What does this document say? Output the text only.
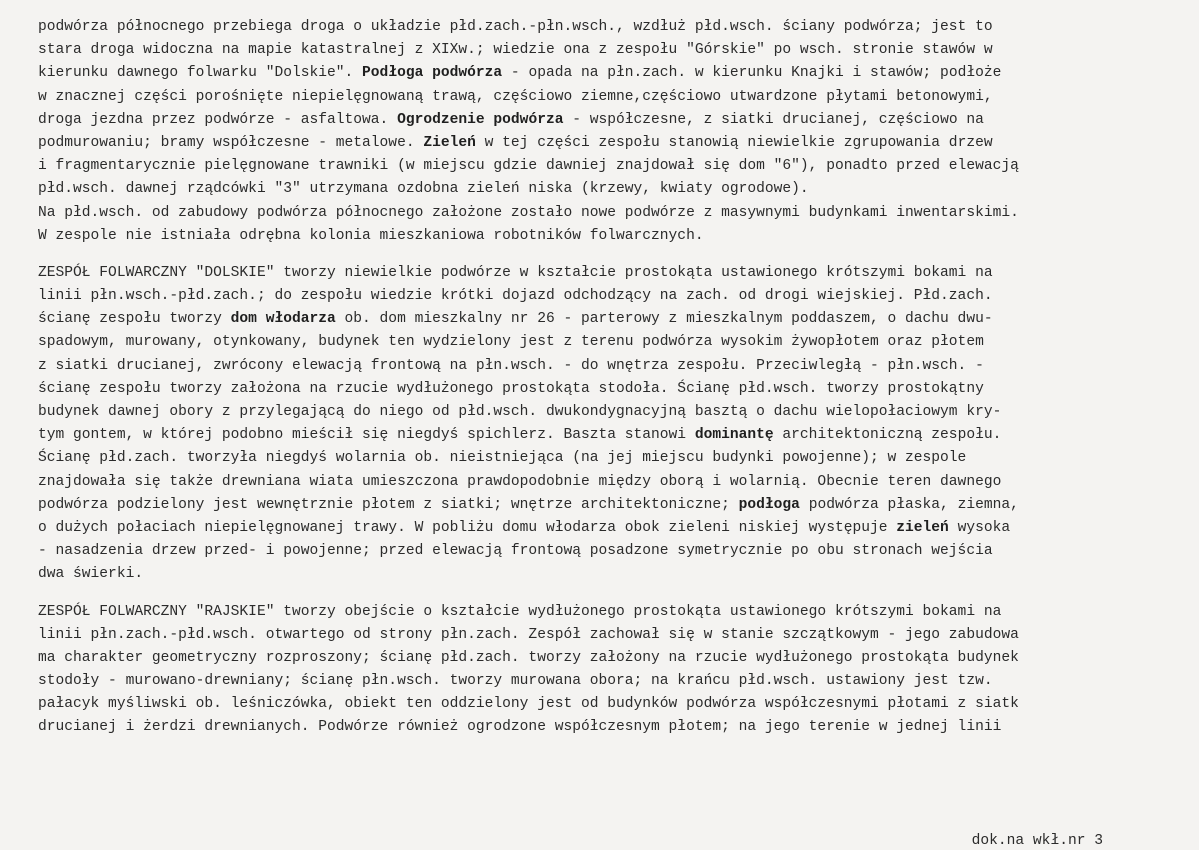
podwórza północnego przebiega droga o układzie płd.zach.-płn.wsch., wzdłuż płd.wsch. ściany podwórza; jest to
stara droga widoczna na mapie katastralnej z XIXw.; wiedzie ona z zespołu "Górskie" po wsch. stronie stawów w
kierunku dawnego folwarku "Dolskie". Podłoga podwórza - opada na płn.zach. w kierunku Knajki i stawów; podłoże
w znacznej części porośnięte niepielęgnowaną trawą, częściowo ziemne,częściowo utwardzone płytami betonowymi,
droga jezdna przez podwórze - asfaltowa. Ogrodzenie podwórza - współczesne, z siatki drucianej, częściowo na
podmurowaniu; bramy współczesne - metalowe. Zieleń w tej części zespołu stanowią niewielkie zgrupowania drzew
i fragmentarycznie pielęgnowane trawniki (w miejscu gdzie dawniej znajdował się dom "6"), ponadto przed elewacją
płd.wsch. dawnej rządcówki "3" utrzymana ozdobna zieleń niska (krzewy, kwiaty ogrodowe).
Na płd.wsch. od zabudowy podwórza północnego założone zostało nowe podwórze z masywnymi budynkami inwentarskimi.
W zespole nie istniała odrębna kolonia mieszkaniowa robotników folwarcznych.
ZESPÓŁ FOLWARCZNY "DOLSKIE" tworzy niewielkie podwórze w kształcie prostokąta ustawionego krótszymi bokami na
linii płn.wsch.-płd.zach.; do zespołu wiedzie krótki dojazd odchodzący na zach. od drogi wiejskiej. Płd.zach.
ścianę zespołu tworzy dom włodarza ob. dom mieszkalny nr 26 - parterowy z mieszkalnym poddaszem, o dachu dwu-
spadowym, murowany, otynkowany, budynek ten wydzielony jest z terenu podwórza wysokim żywopłotem oraz płotem
z siatki drucianej, zwrócony elewacją frontową na płn.wsch. - do wnętrza zespołu. Przeciwległą - płn.wsch. -
ścianę zespołu tworzy założona na rzucie wydłużonego prostokąta stodoła. Ścianę płd.wsch. tworzy prostokątny
budynek dawnej obory z przylegającą do niego od płd.wsch. dwukondygnacyjną basztą o dachu wielopołaciowym kry-
tym gontem, w której podobno mieścił się niegdyś spichlerz. Baszta stanowi dominantę architektoniczną zespołu.
Ścianę płd.zach. tworzyła niegdyś wolarnia ob. nieistniejąca (na jej miejscu budynki powojenne); w zespole
znajdowała się także drewniana wiata umieszczona prawdopodobnie między oborą i wolarnią. Obecnie teren dawnego
podwórza podzielony jest wewnętrznie płotem z siatki; wnętrze architektoniczne; podłoga podwórza płaska, ziemna,
o dużych połaciach niepielęgnowanej trawy. W pobliżu domu włodarza obok zieleni niskiej występuje zieleń wysoka
- nasadzenia drzew przed- i powojenne; przed elewacją frontową posadzone symetrycznie po obu stronach wejścia
dwa świerki.
ZESPÓŁ FOLWARCZNY "RAJSKIE" tworzy obejście o kształcie wydłużonego prostokąta ustawionego krótszymi bokami na
linii płn.zach.-płd.wsch. otwartego od strony płn.zach. Zespół zachował się w stanie szczątkowym - jego zabudowa
ma charakter geometryczny rozproszony; ścianę płd.zach. tworzy założony na rzucie wydłużonego prostokąta budynek
stodoły - murowano-drewniany; ścianę płn.wsch. tworzy murowana obora; na krańcu płd.wsch. ustawiony jest tzw.
pałacyk myśliwski ob. leśniczówka, obiekt ten oddzielony jest od budynków podwórza współczesnymi płotami z siatk
drucianej i żerdzi drewnianych. Podwórze również ogrodzone współczesnym płotem; na jego terenie w jednej linii
dok.na wkł.nr 3
